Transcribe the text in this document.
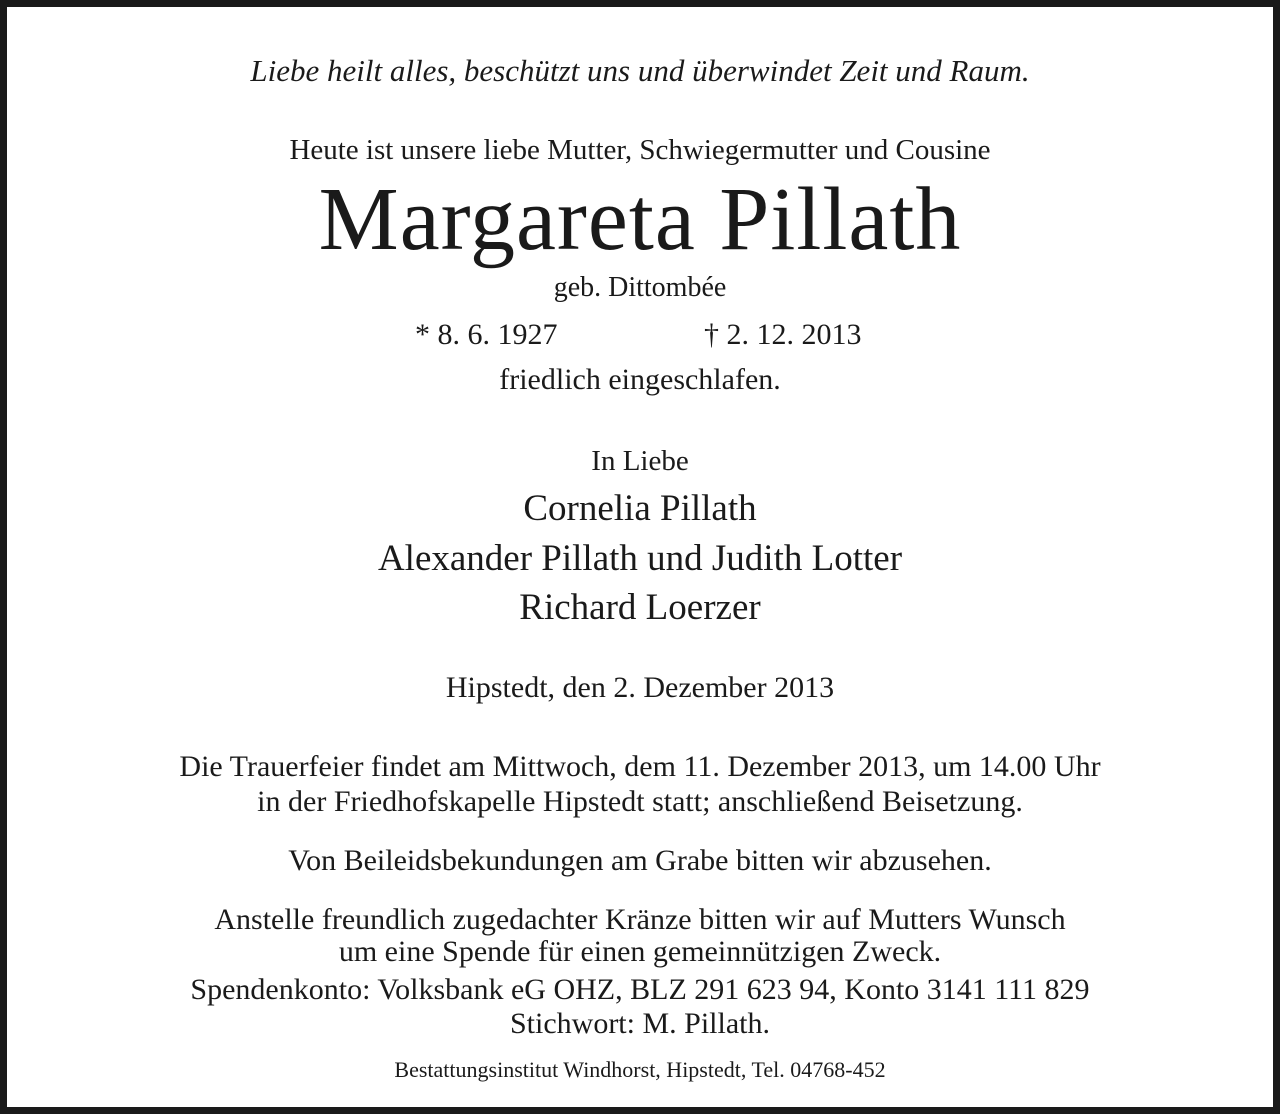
Liebe heilt alles, beschützt uns und überwindet Zeit und Raum.
Heute ist unsere liebe Mutter, Schwiegermutter und Cousine
Margareta Pillath
geb. Dittombée
* 8. 6. 1927	† 2. 12. 2013
friedlich eingeschlafen.
In Liebe
Cornelia Pillath
Alexander Pillath und Judith Lotter
Richard Loerzer
Hipstedt, den 2. Dezember 2013
Die Trauerfeier findet am Mittwoch, dem 11. Dezember 2013, um 14.00 Uhr
in der Friedhofskapelle Hipstedt statt; anschließend Beisetzung.
Von Beileidsbekundungen am Grabe bitten wir abzusehen.
Anstelle freundlich zugedachter Kränze bitten wir auf Mutters Wunsch
um eine Spende für einen gemeinnützigen Zweck.
Spendenkonto: Volksbank eG OHZ, BLZ 291 623 94, Konto 3141 111 829
Stichwort: M. Pillath.
Bestattungsinstitut Windhorst, Hipstedt, Tel. 04768-452
